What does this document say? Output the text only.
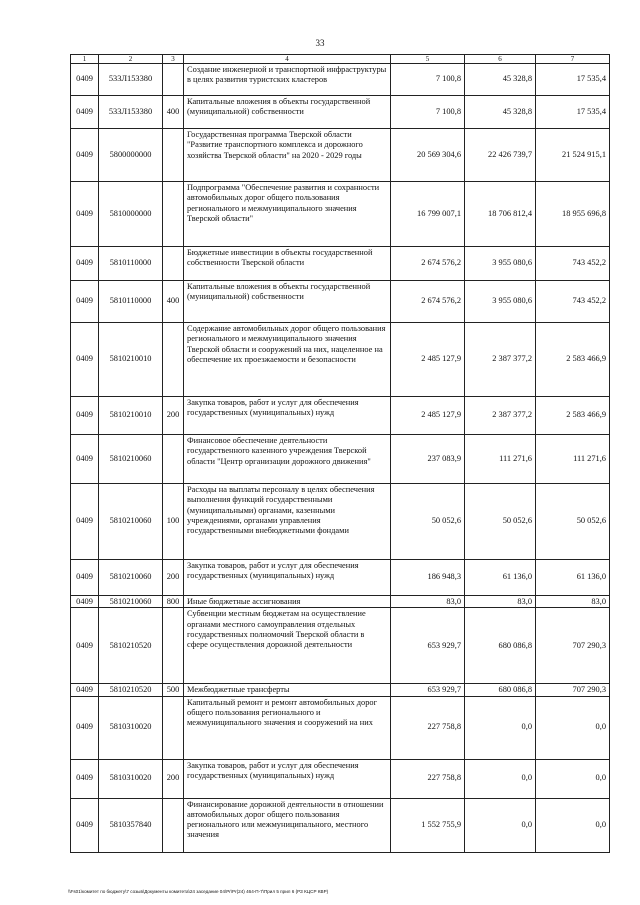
33
1	2	3	4	5	6	7
0409	533Л153380		Создание инженерной и транспортной инфраструктуры в целях развития туристских кластеров	7 100,8	45 328,8	17 535,4
0409	533Л153380	400	Капитальные вложения в объекты государственной (муниципальной) собственности	7 100,8	45 328,8	17 535,4
0409	5800000000		Государственная программа Тверской области "Развитие транспортного комплекса и дорожного хозяйства Тверской области" на 2020 - 2029 годы	20 569 304,6	22 426 739,7	21 524 915,1
0409	5810000000		Подпрограмма "Обеспечение развития и сохранности автомобильных дорог общего пользования регионального и межмуниципального значения Тверской области"	16 799 007,1	18 706 812,4	18 955 696,8
0409	5810110000		Бюджетные инвестиции в объекты государственной собственности Тверской области	2 674 576,2	3 955 080,6	743 452,2
0409	5810110000	400	Капитальные вложения в объекты государственной (муниципальной) собственности	2 674 576,2	3 955 080,6	743 452,2
0409	5810210010		Содержание автомобильных дорог общего пользования регионального и межмуниципального значения Тверской области и сооружений на них, нацеленное на обеспечение их проезжаемости и безопасности	2 485 127,9	2 387 377,2	2 583 466,9
0409	5810210010	200	Закупка товаров, работ и услуг для обеспечения государственных (муниципальных) нужд	2 485 127,9	2 387 377,2	2 583 466,9
0409	5810210060		Финансовое обеспечение деятельности государственного казенного учреждения Тверской области "Центр организации дорожного движения"	237 083,9	111 271,6	111 271,6
0409	5810210060	100	Расходы на выплаты персоналу в целях обеспечения выполнения функций государственными (муниципальными) органами, казенными учреждениями, органами управления государственными внебюджетными фондами	50 052,6	50 052,6	50 052,6
0409	5810210060	200	Закупка товаров, работ и услуг для обеспечения государственных (муниципальных) нужд	186 948,3	61 136,0	61 136,0
0409	5810210060	800	Иные бюджетные ассигнования	83,0	83,0	83,0
0409	5810210520		Субвенции местным бюджетам на осуществление органами местного самоуправления отдельных государственных полномочий Тверской области в сфере осуществления дорожной деятельности	653 929,7	680 086,8	707 290,3
0409	5810210520	500	Межбюджетные трансферты	653 929,7	680 086,8	707 290,3
0409	5810310020		Капитальный ремонт и ремонт автомобильных дорог общего пользования регионального и межмуниципального значения и сооружений на них	227 758,8	0,0	0,0
0409	5810310020	200	Закупка товаров, работ и услуг для обеспечения государственных (муниципальных) нужд	227 758,8	0,0	0,0
0409	5810357840		Финансирование дорожной деятельности в отношении автомобильных дорог общего пользования регионального или межмуниципального, местного значения	1 552 755,9	0,0	0,0
\\Fs01\комитет по бюджету\7 созыв\Документы комитета\24 заседание 04\Pr\Pr(24) 464-П-7\Прил 5 прил 6 (РЗ КЦСР КВР)
